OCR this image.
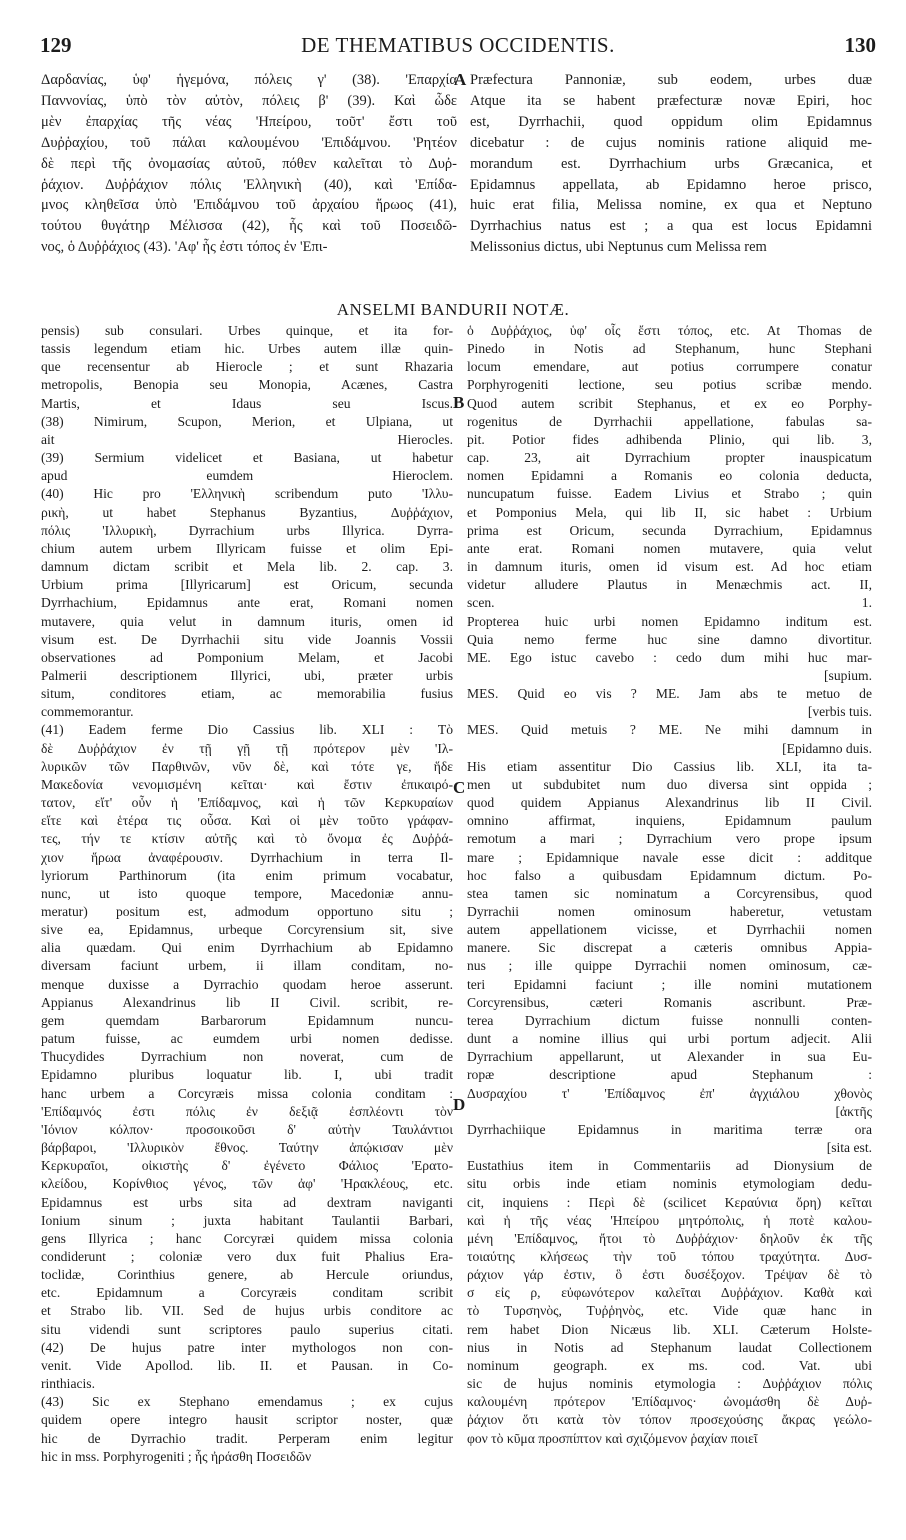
129	DE THEMATIBUS OCCIDENTIS.	130
Δαρδανίας, ὑφ' ἡγεμόνα, πόλεις γ' (38). 'Επαρχία
Παννονίας, ὑπὸ τὸν αὐτὸν, πόλεις β' (39). Καὶ ὧδε
μὲν ἐπαρχίας τῆς νέας 'Ηπείρου, τοῦτ' ἔστι τοῦ
Δυῤῥαχίου, τοῦ πάλαι καλουμένου 'Επιδάμνου. 'Ρητέον
δὲ περὶ τῆς ὀνομασίας αὐτοῦ, πόθεν καλεῖται τὸ Δυῤ-
ῥάχιον. Δυῤῥάχιον πόλις 'Ελληνικὴ (40), καὶ 'Επίδα-
μνος κληθεῖσα ὑπὸ 'Επιδάμνου τοῦ ἀρχαίου ἥρωος (41),
τούτου θυγάτηρ Μέλισσα (42), ἧς καὶ τοῦ Ποσειδῶ-
νος, ὁ Δυῤῥάχιος (43). 'Αφ' ἧς ἐστι τόπος ἐν 'Επι-
Præfectura Pannoniæ, sub eodem, urbes duæ
Atque ita se habent præfecturæ novæ Epiri, hoc
est, Dyrrhachii, quod oppidum olim Epidamnus
dicebatur : de cujus nominis ratione aliquid me-
morandum est. Dyrrhachium urbs Græcanica, et
Epidamnus appellata, ab Epidamno heroe prisco,
huic erat filia, Melissa nomine, ex qua et Neptuno
Dyrrhachius natus est ; a qua est locus Epidamni
Melissonius dictus, ubi Neptunus cum Melissa rem
A
ANSELMI BANDURII NOTÆ.
pensis) sub consulari. Urbes quinque, et ita for-
tassis legendum etiam hic. Urbes autem illæ quin-
que recensentur ab Hierocle ; et sunt Rhazaria
metropolis, Benopia seu Monopia, Acænes, Castra
Martis, et Idaus seu Iscus.
(38) Nimirum, Scupon, Merion, et Ulpiana, ut
ait Hierocles.
(39) Sermium videlicet et Basiana, ut habetur
apud eumdem Hieroclem.
(40) Hic pro 'Ελληνικὴ scribendum puto 'Ιλλυ-
ρικὴ, ut habet Stephanus Byzantius, Δυῤῥάχιον,
πόλις 'Ιλλυρικὴ, Dyrrachium urbs Illyrica. Dyrra-
chium autem urbem Illyricam fuisse et olim Epi-
damnum dictam scribit et Mela lib. 2. cap. 3.
Urbium prima [Illyricarum] est Oricum, secunda
Dyrrhachium, Epidamnus ante erat, Romani nomen
mutavere, quia velut in damnum ituris, omen id
visum est. De Dyrrhachii situ vide Joannis Vossii
observationes ad Pomponium Melam, et Jacobi
Palmerii descriptionem Illyrici, ubi, præter urbis
situm, conditores etiam, ac memorabilia fusius
commemorantur.
(41) Eadem ferme Dio Cassius lib. XLI : Τὸ
δὲ Δυῤῥάχιον ἐν τῇ γῇ τῇ πρότερον μὲν 'Ιλ-
λυρικῶν τῶν Παρθινῶν, νῦν δὲ, καὶ τότε γε, ἥδε
Μακεδονία νενομισμένη κεῖται· καὶ ἔστιν ἐπικαιρό-
τατον, εἴτ' οὖν ἡ 'Επίδαμνος, καὶ ἡ τῶν Κερκυραίων
εἴτε καὶ ἑτέρα τις οὖσα. Καὶ οἱ μὲν τοῦτο γράφαν-
τες, τήν τε κτίσιν αὐτῆς καὶ τὸ ὄνομα ἐς Δυῤῥά-
χιον ἥρωα ἀναφέρουσιν. Dyrrhachium in terra Il-
lyriorum Parthinorum (ita enim primum vocabatur,
nunc, ut isto quoque tempore, Macedoniæ annu-
meratur) positum est, admodum opportuno situ ;
sive ea, Epidamnus, urbeque Corcyrensium sit, sive
alia quædam. Qui enim Dyrrhachium ab Epidamno
diversam faciunt urbem, ii illam conditam, no-
menque duxisse a Dyrrachio quodam heroe asserunt.
Appianus Alexandrinus lib II Civil. scribit, re-
gem quemdam Barbarorum Epidamnum nuncu-
patum fuisse, ac eumdem urbi nomen dedisse.
Thucydides Dyrrachium non noverat, cum de
Epidamno pluribus loquatur lib. I, ubi tradit
hanc urbem a Corcyræis missa colonia conditam :
'Επίδαμνός ἐστι πόλις ἐν δεξιᾷ ἐσπλέοντι τὸν
'Ιόνιον κόλπον· προσοικοῦσι δ' αὐτὴν Ταυλάντιοι
βάρβαροι, 'Ιλλυρικὸν ἔθνος. Ταύτην ἀπῴκισαν μὲν
Κερκυραῖοι, οἰκιστὴς δ' ἐγένετο Φάλιος 'Ερατο-
κλείδου, Κορίνθιος γένος, τῶν ἀφ' 'Ηρακλέους, etc.
Epidamnus est urbs sita ad dextram naviganti
Ionium sinum ; juxta habitant Taulantii Barbari,
gens Illyrica ; hanc Corcyræi quidem missa colonia
condiderunt ; coloniæ vero dux fuit Phalius Era-
toclidæ, Corinthius genere, ab Hercule oriundus,
etc. Epidamnum a Corcyræis conditam scribit
et Strabo lib. VII. Sed de hujus urbis conditore ac
situ videndi sunt scriptores paulo superius citati.
(42) De hujus patre inter mythologos non con-
venit. Vide Apollod. lib. II. et Pausan. in Co-
rinthiacis.
(43) Sic ex Stephano emendamus ; ex cujus
quidem opere integro hausit scriptor noster, quæ
hic de Dyrrachio tradit. Perperam enim legitur
hic in mss. Porphyrogeniti ; ἧς ἠράσθη Ποσειδῶν
ὁ Δυῤῥάχιος, ὑφ' οἷς ἔστι τόπος, etc. At Thomas de
Pinedo in Notis ad Stephanum, hunc Stephani
locum emendare, aut potius corrumpere conatur
Porphyrogeniti lectione, seu potius scribæ mendo.
Quod autem scribit Stephanus, et ex eo Porphy-
rogenitus de Dyrrhachii appellatione, fabulas sa-
pit. Potior fides adhibenda Plinio, qui lib. 3,
cap. 23, ait Dyrrachium propter inauspicatum
nomen Epidamni a Romanis eo colonia deducta,
nuncupatum fuisse. Eadem Livius et Strabo ; quin
et Pomponius Mela, qui lib II, sic habet : Urbium
prima est Oricum, secunda Dyrrachium, Epidamnus
ante erat. Romani nomen mutavere, quia velut
in damnum ituris, omen id visum est. Ad hoc etiam
videtur alludere Plautus in Menæchmis act. II,
scen. 1.
Propterea huic urbi nomen Epidamno inditum est.
Quia nemo ferme huc sine damno divortitur.
ME. Ego istuc cavebo : cedo dum mihi huc mar-
[supium.
MES. Quid eo vis ? ME. Jam abs te metuo de
[verbis tuis.
MES. Quid metuis ? ME. Ne mihi damnum in
[Epidamno duis.
His etiam assentitur Dio Cassius lib. XLI, ita ta-
men ut subdubitet num duo diversa sint oppida ;
quod quidem Appianus Alexandrinus lib II Civil.
omnino affirmat, inquiens, Epidamnum paulum
remotum a mari ; Dyrrachium vero prope ipsum
mare ; Epidamnique navale esse dicit : additque
hoc falso a quibusdam Epidamnum dictum. Po-
stea tamen sic nominatum a Corcyrensibus, quod
Dyrrachii nomen ominosum haberetur, vetustam
autem appellationem vicisse, et Dyrrhachii nomen
manere. Sic discrepat a cæteris omnibus Appia-
nus ; ille quippe Dyrrachii nomen ominosum, cæ-
teri Epidamni faciunt ; ille nomini mutationem
Corcyrensibus, cæteri Romanis ascribunt. Præ-
terea Dyrrachium dictum fuisse nonnulli conten-
dunt a nomine illius qui urbi portum adjecit. Alii
Dyrrachium appellarunt, ut Alexander in sua Eu-
ropæ descriptione apud Stephanum :
Δυσραχίου τ' 'Επίδαμνος ἐπ' ἀγχιάλου χθονὸς
[ἀκτῆς
Dyrrhachiique Epidamnus in maritima terræ ora
[sita est.
Eustathius item in Commentariis ad Dionysium de
situ orbis inde etiam nominis etymologiam dedu-
cit, inquiens : Περὶ δὲ (scilicet Κεραύνια ὄρη) κεῖται
καὶ ἡ τῆς νέας 'Ηπείρου μητρόπολις, ἡ ποτὲ καλου-
μένη 'Επίδαμνος, ἤτοι τὸ Δυῤῥάχιον· δηλοῦν ἐκ τῆς
τοιαύτης κλήσεως τὴν τοῦ τόπου τραχύτητα. Δυσ-
ράχιον γάρ ἐστιν, ὃ ἐστι δυσέξοχον. Τρέψαν δὲ τὸ
σ εἰς ρ, εὐφωνότερον καλεῖται Δυῤῥάχιον. Καθὰ καὶ
τὸ Τυρσηνὸς, Τυῤῥηνὸς, etc. Vide quæ hanc in
rem habet Dion Nicæus lib. XLI. Cæterum Holste-
nius in Notis ad Stephanum laudat Collectionem
nominum geograph. ex ms. cod. Vat. ubi
sic de hujus nominis etymologia : Δυῤῥάχιον πόλις
καλουμένη πρότερον 'Επίδαμνος· ὠνομάσθη δὲ Δυῤ-
ῥάχιον ὅτι κατὰ τὸν τόπον προσεχούσης ἄκρας γεώλο-
φον τὸ κῦμα προσπίπτον καὶ σχιζόμενον ῥαχίαν ποιεῖ
B
C
D
